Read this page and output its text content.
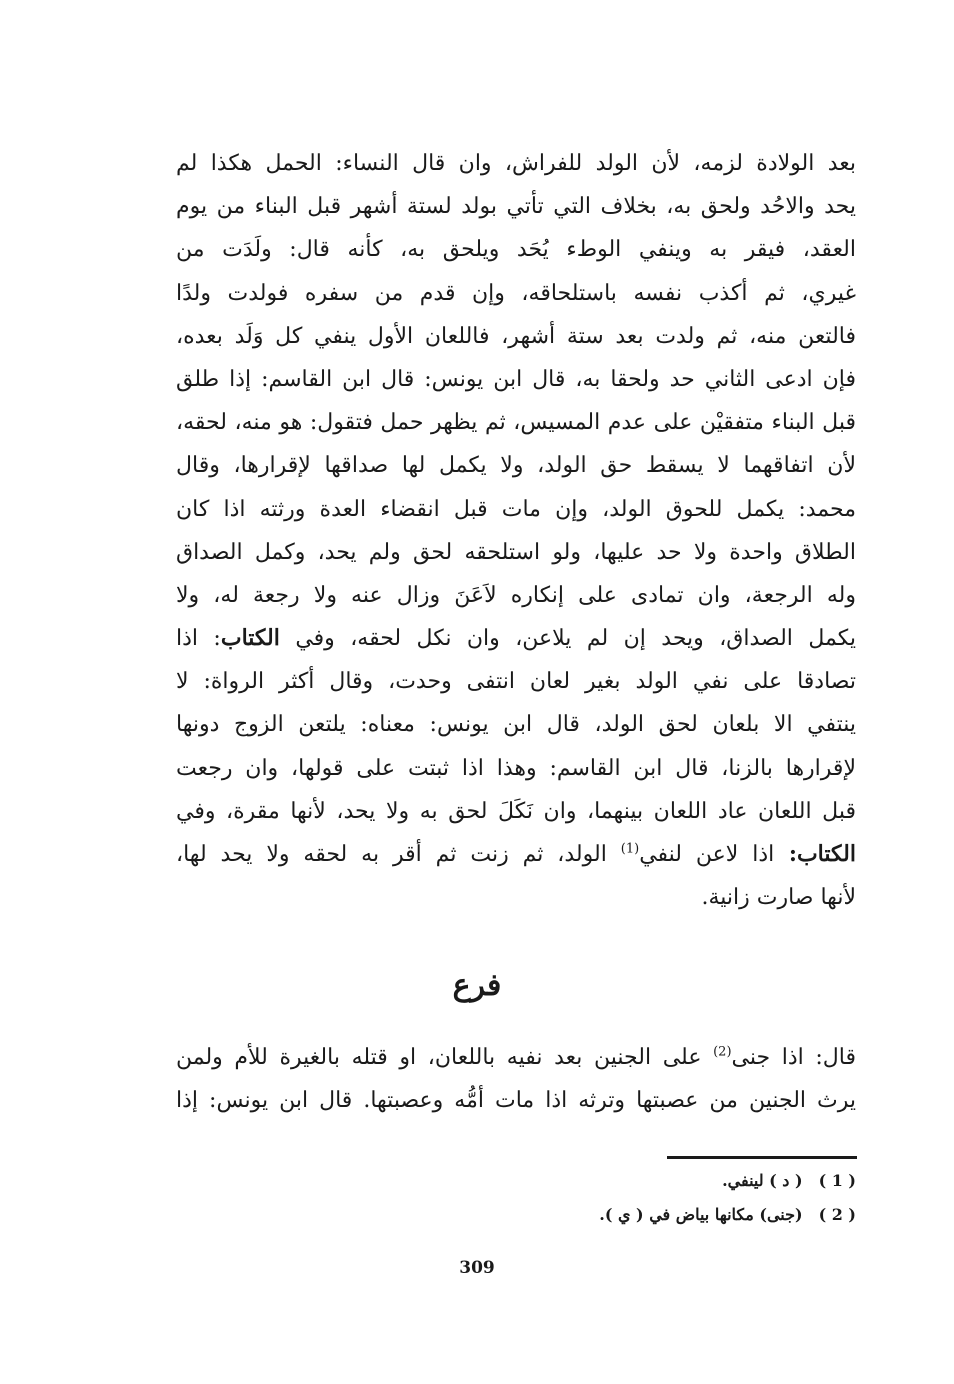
بعد الولادة لزمه، لأن الولد للفراش، وان قال النساء: الحمل هكذا لم
يحد والاحُد ولحق به، بخلاف التي تأتي بولد لستة أشهر قبل البناء من يوم
العقد، فيقر به وينفي الوطء يُحَد ويلحق به، كأنه قال: ولَدَت من
غيري، ثم أكذب نفسه باستلحاقه، وإن قدم من سفره فولدت ولدًا
فالتعن منه، ثم ولدت بعد ستة أشهر، فاللعان الأول ينفي كل وَلَد بعده،
فإن ادعى الثاني حد ولحقا به، قال ابن يونس: قال ابن القاسم: إذا طلق
قبل البناء متفقيْن على عدم المسيس، ثم يظهر حمل فتقول: هو منه، لحقه،
لأن اتفاقهما لا يسقط حق الولد، ولا يكمل لها صداقها لإقرارها، وقال
محمد: يكمل للحوق الولد، وإن مات قبل انقضاء العدة ورثته اذا كان
الطلاق واحدة ولا حد عليها، ولو استلحقه لحق ولم يحد، وكمل الصداق
وله الرجعة، وان تمادى على إنكاره لاَعَنَ وزال عنه ولا رجعة له، ولا
يكمل الصداق، ويحد إن لم يلاعن، وان نكل لحقه، وفي الكتاب: اذا
تصادقا على نفي الولد بغير لعان انتفى وحدت، وقال أكثر الرواة: لا
ينتفي الا بلعان لحق الولد، قال ابن يونس: معناه: يلتعن الزوج دونها
لإقرارها بالزنا، قال ابن القاسم: وهذا اذا ثبتت على قولها، وان رجعت
قبل اللعان عاد اللعان بينهما، وان نَكَلَ لحق به ولا يحد، لأنها مقرة، وفي
الكتاب: اذا لاعن لنفي$^{(1)}$ الولد، ثم زنت ثم أقر به لحقه ولا يحد لها،
لأنها صارت زانية.
فرع
قال: اذا جنى$^{(2)}$ على الجنين بعد نفيه باللعان، او قتله بالغيرة للأم ولمن
يرث الجنين من عصبتها وترثه اذا مات أمُّه وعصبتها. قال ابن يونس: إذا
( 1 )( د ) لينفي.
( 2 )(جنى) مكانها بياض في ( ي ).
309
